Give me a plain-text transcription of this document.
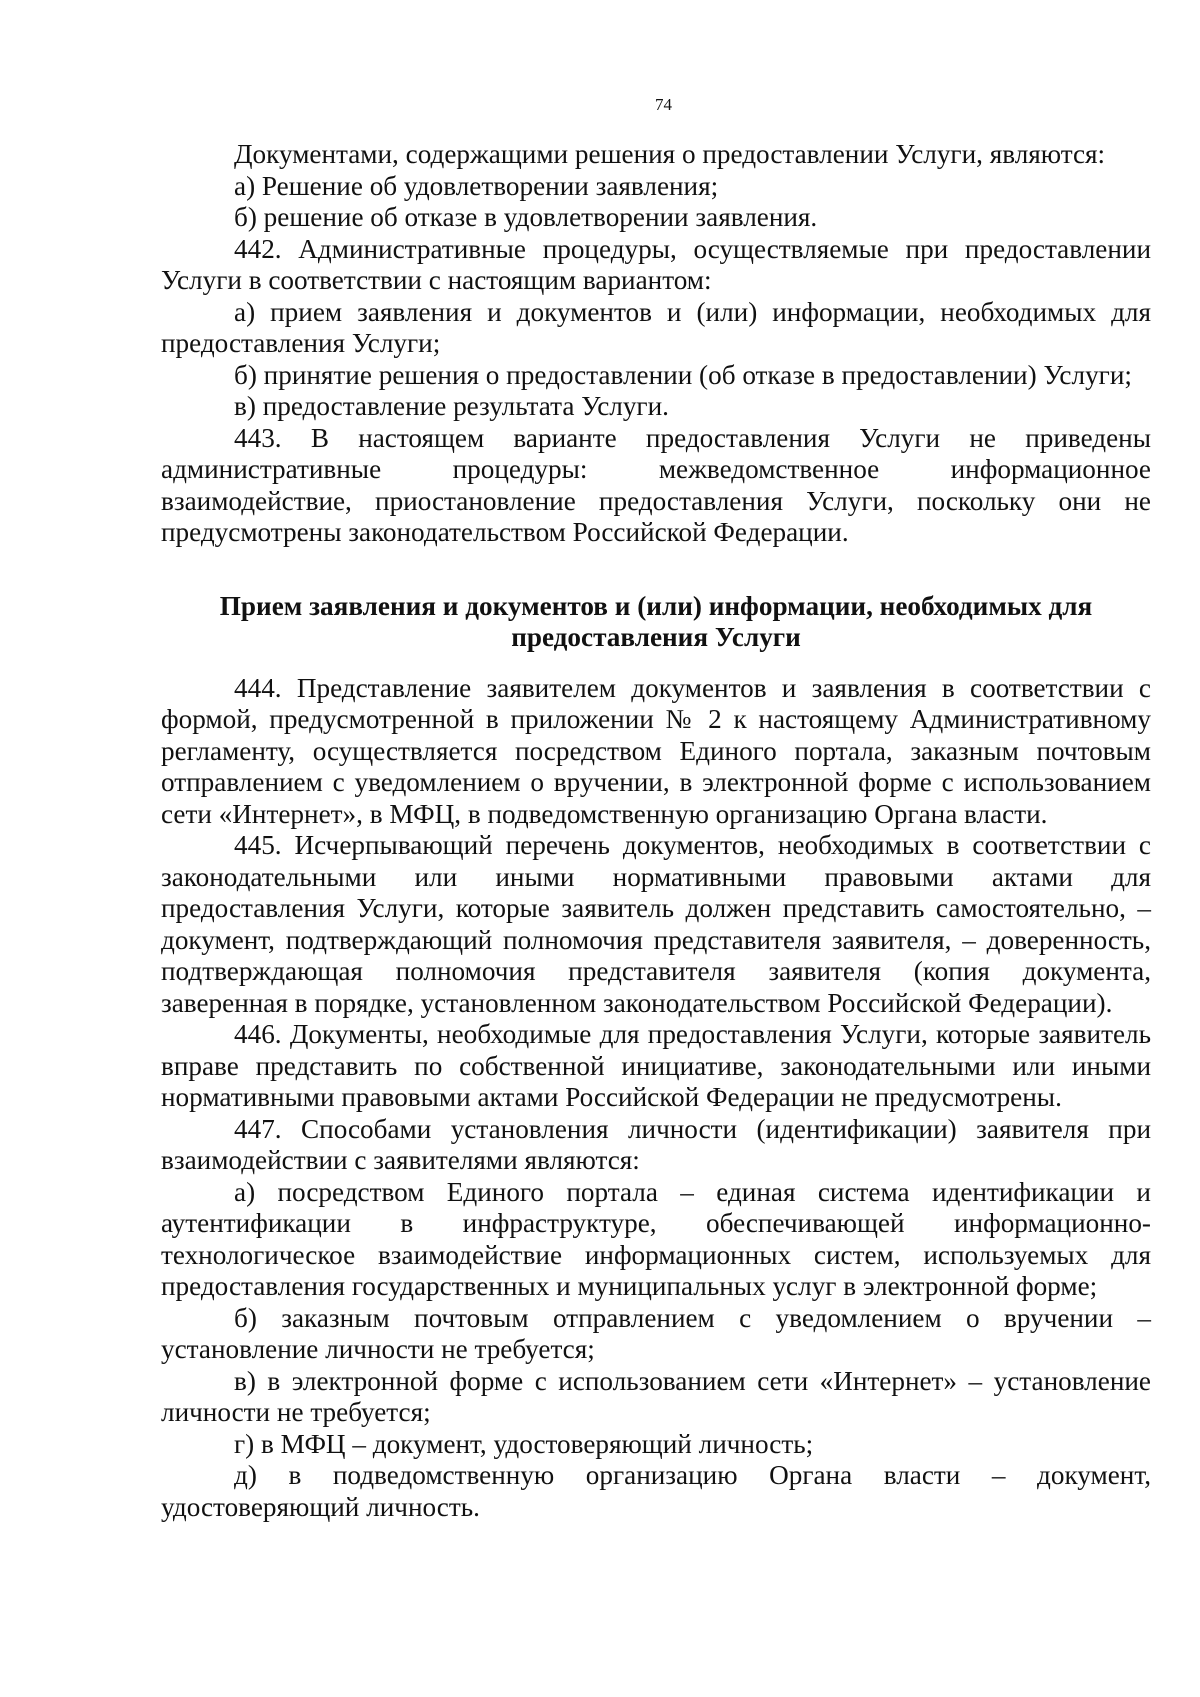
74

Документами, содержащими решения о предоставлении Услуги, являются:

а) Решение об удовлетворении заявления;

б) решение об отказе в удовлетворении заявления.

442. Административные процедуры, осуществляемые при предоставлении Услуги в соответствии с настоящим вариантом:

а) прием заявления и документов и (или) информации, необходимых для предоставления Услуги;

б) принятие решения о предоставлении (об отказе в предоставлении) Услуги;

в) предоставление результата Услуги.

443. В настоящем варианте предоставления Услуги не приведены административные процедуры: межведомственное информационное взаимодействие, приостановление предоставления Услуги, поскольку они не предусмотрены законодательством Российской Федерации.

Прием заявления и документов и (или) информации, необходимых для предоставления Услуги

444. Представление заявителем документов и заявления в соответствии с формой, предусмотренной в приложении № 2 к настоящему Административному регламенту, осуществляется посредством Единого портала, заказным почтовым отправлением с уведомлением о вручении, в электронной форме с использованием сети «Интернет», в МФЦ, в подведомственную организацию Органа власти.

445. Исчерпывающий перечень документов, необходимых в соответствии с законодательными или иными нормативными правовыми актами для предоставления Услуги, которые заявитель должен представить самостоятельно, – документ, подтверждающий полномочия представителя заявителя, – доверенность, подтверждающая полномочия представителя заявителя (копия документа, заверенная в порядке, установленном законодательством Российской Федерации).

446. Документы, необходимые для предоставления Услуги, которые заявитель вправе представить по собственной инициативе, законодательными или иными нормативными правовыми актами Российской Федерации не предусмотрены.

447. Способами установления личности (идентификации) заявителя при взаимодействии с заявителями являются:

а) посредством Единого портала – единая система идентификации и аутентификации в инфраструктуре, обеспечивающей информационно-технологическое взаимодействие информационных систем, используемых для предоставления государственных и муниципальных услуг в электронной форме;

б) заказным почтовым отправлением с уведомлением о вручении – установление личности не требуется;

в) в электронной форме с использованием сети «Интернет» – установление личности не требуется;

г) в МФЦ – документ, удостоверяющий личность;

д) в подведомственную организацию Органа власти – документ, удостоверяющий личность.
